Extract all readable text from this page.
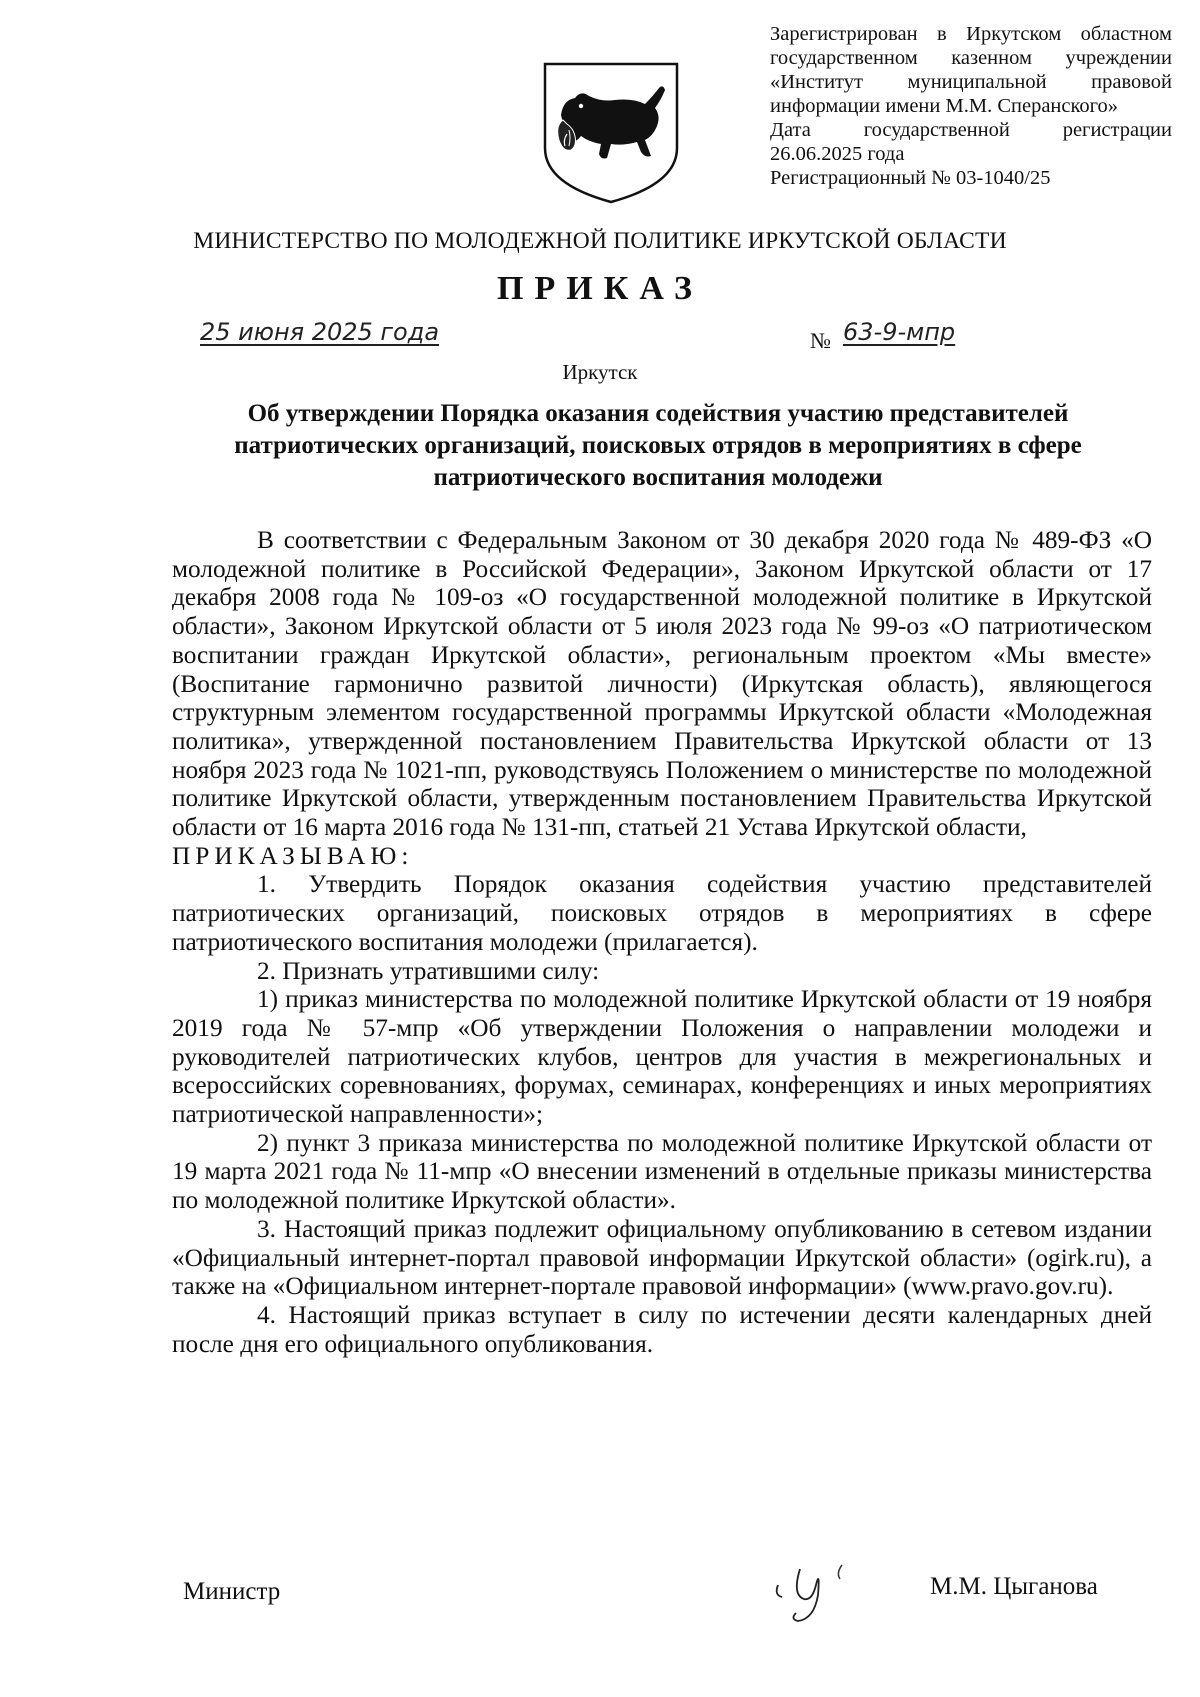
Зарегистрирован в Иркутском областном

государственном казенном учреждении

«Институт муниципальной правовой

информации имени М.М. Сперанского»

Дата государственной регистрации

26.06.2025 года

Регистрационный № 03-1040/25

МИНИСТЕРСТВО ПО МОЛОДЕЖНОЙ ПОЛИТИКЕ ИРКУТСКОЙ ОБЛАСТИ
ПРИКАЗ
25 июня 2025 года	№ 63-9-мпр
Иркутск
Об утверждении Порядка оказания содействия участию представителей патриотических организаций, поисковых отрядов в мероприятиях в сфере патриотического воспитания молодежи

В соответствии с Федеральным Законом от 30 декабря 2020 года № 489-ФЗ «О молодежной политике в Российской Федерации», Законом Иркутской области от 17 декабря 2008 года № 109-оз «О государственной молодежной политике в Иркутской области», Законом Иркутской области от 5 июля 2023 года № 99-оз «О патриотическом воспитании граждан Иркутской области», региональным проектом «Мы вместе» (Воспитание гармонично развитой личности) (Иркутская область), являющегося структурным элементом государственной программы Иркутской области «Молодежная политика», утвержденной постановлением Правительства Иркутской области от 13 ноября 2023 года № 1021-пп, руководствуясь Положением о министерстве по молодежной политике Иркутской области, утвержденным постановлением Правительства Иркутской области от 16 марта 2016 года № 131-пп, статьей 21 Устава Иркутской области,

ПРИКАЗЫВАЮ:

1. Утвердить Порядок оказания содействия участию представителей патриотических организаций, поисковых отрядов в мероприятиях в сфере патриотического воспитания молодежи (прилагается).

2. Признать утратившими силу:

1) приказ министерства по молодежной политике Иркутской области от 19 ноября 2019 года № 57-мпр «Об утверждении Положения о направлении молодежи и руководителей патриотических клубов, центров для участия в межрегиональных и всероссийских соревнованиях, форумах, семинарах, конференциях и иных мероприятиях патриотической направленности»;

2) пункт 3 приказа министерства по молодежной политике Иркутской области от 19 марта 2021 года № 11-мпр «О внесении изменений в отдельные приказы министерства по молодежной политике Иркутской области».

3. Настоящий приказ подлежит официальному опубликованию в сетевом издании «Официальный интернет-портал правовой информации Иркутской области» (ogirk.ru), а также на «Официальном интернет-портале правовой информации» (www.pravo.gov.ru).

4. Настоящий приказ вступает в силу по истечении десяти календарных дней после дня его официального опубликования.

Министр	М.М. Цыганова
